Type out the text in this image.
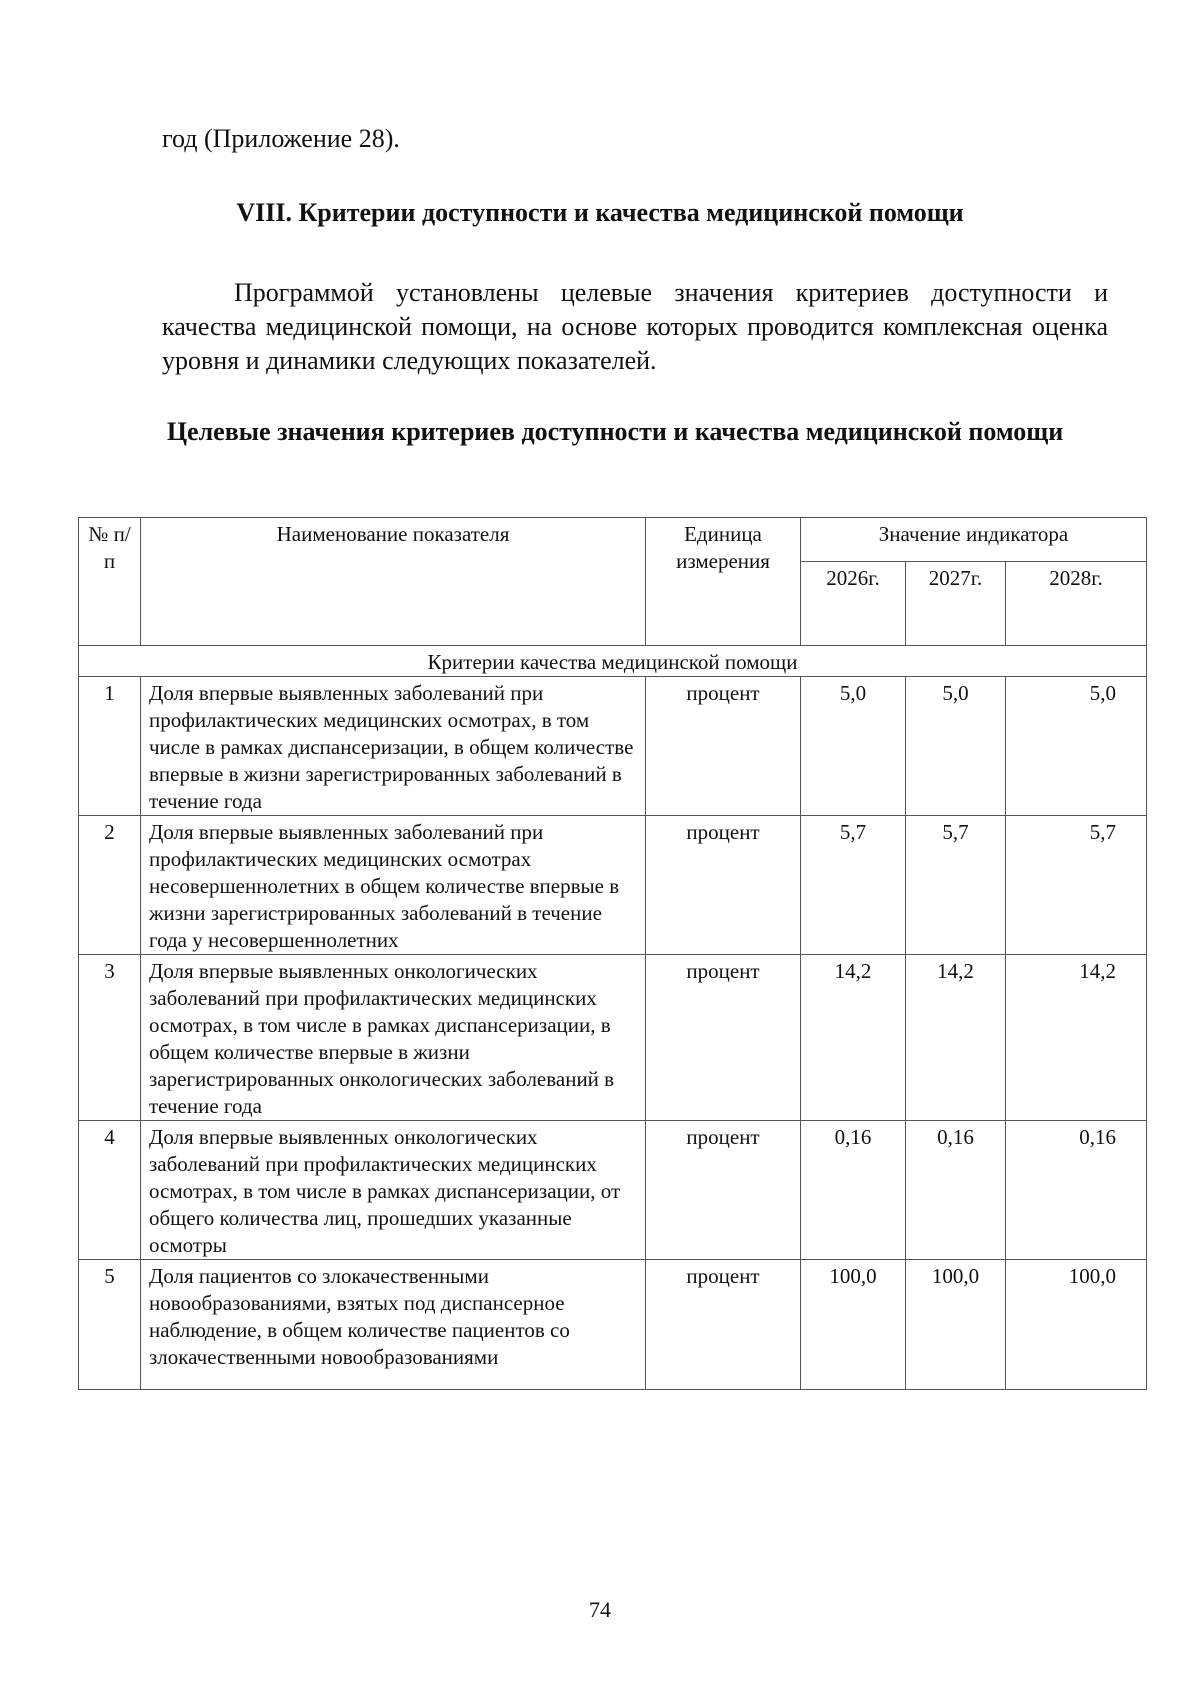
год (Приложение 28).
VIII. Критерии доступности и качества медицинской помощи
Программой установлены целевые значения критериев доступности и качества медицинской помощи, на основе которых проводится комплексная оценка уровня и динамики следующих показателей.
Целевые значения критериев доступности и качества медицинской помощи
№ п/п	Наименование показателя	Единица измерения	Значение индикатора		
			2026г.	2027г.	2028г.
Критерии качества медицинской помощи					
1	Доля впервые выявленных заболеваний при профилактических медицинских осмотрах, в том числе в рамках диспансеризации, в общем количестве впервые в жизни зарегистрированных заболеваний в течение года	процент	5,0	5,0	5,0
2	Доля впервые выявленных заболеваний при профилактических медицинских осмотрах несовершеннолетних в общем количестве впервые в жизни зарегистрированных заболеваний в течение года у несовершеннолетних	процент	5,7	5,7	5,7
3	Доля впервые выявленных онкологических заболеваний при профилактических медицинских осмотрах, в том числе в рамках диспансеризации, в общем количестве впервые в жизни зарегистрированных онкологических заболеваний в течение года	процент	14,2	14,2	14,2
4	Доля впервые выявленных онкологических заболеваний при профилактических медицинских осмотрах, в том числе в рамках диспансеризации, от общего количества лиц, прошедших указанные осмотры	процент	0,16	0,16	0,16
5	Доля пациентов со злокачественными новообразованиями, взятых под диспансерное наблюдение, в общем количестве пациентов со злокачественными новообразованиями	процент	100,0	100,0	100,0
74
